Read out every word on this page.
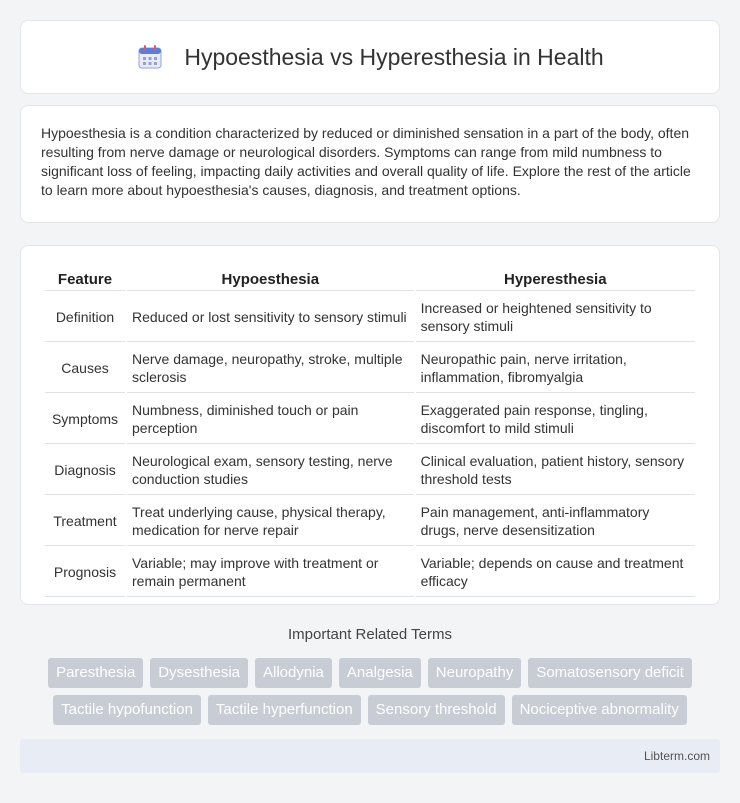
Hypoesthesia vs Hyperesthesia in Health

Hypoesthesia is a condition characterized by reduced or diminished sensation in a part of the body, often resulting from nerve damage or neurological disorders. Symptoms can range from mild numbness to significant loss of feeling, impacting daily activities and overall quality of life. Explore the rest of the article to learn more about hypoesthesia's causes, diagnosis, and treatment options.

Feature	Hypoesthesia	Hyperesthesia
Definition	Reduced or lost sensitivity to sensory stimuli	Increased or heightened sensitivity to sensory stimuli
Causes	Nerve damage, neuropathy, stroke, multiple sclerosis	Neuropathic pain, nerve irritation, inflammation, fibromyalgia
Symptoms	Numbness, diminished touch or pain perception	Exaggerated pain response, tingling, discomfort to mild stimuli
Diagnosis	Neurological exam, sensory testing, nerve conduction studies	Clinical evaluation, patient history, sensory threshold tests
Treatment	Treat underlying cause, physical therapy, medication for nerve repair	Pain management, anti-inflammatory drugs, nerve desensitization
Prognosis	Variable; may improve with treatment or remain permanent	Variable; depends on cause and treatment efficacy
Important Related Terms
Paresthesia	Dysesthesia	Allodynia	Analgesia	Neuropathy	Somatosensory deficit
Tactile hypofunction	Tactile hyperfunction	Sensory threshold	Nociceptive abnormality
Libterm.com
